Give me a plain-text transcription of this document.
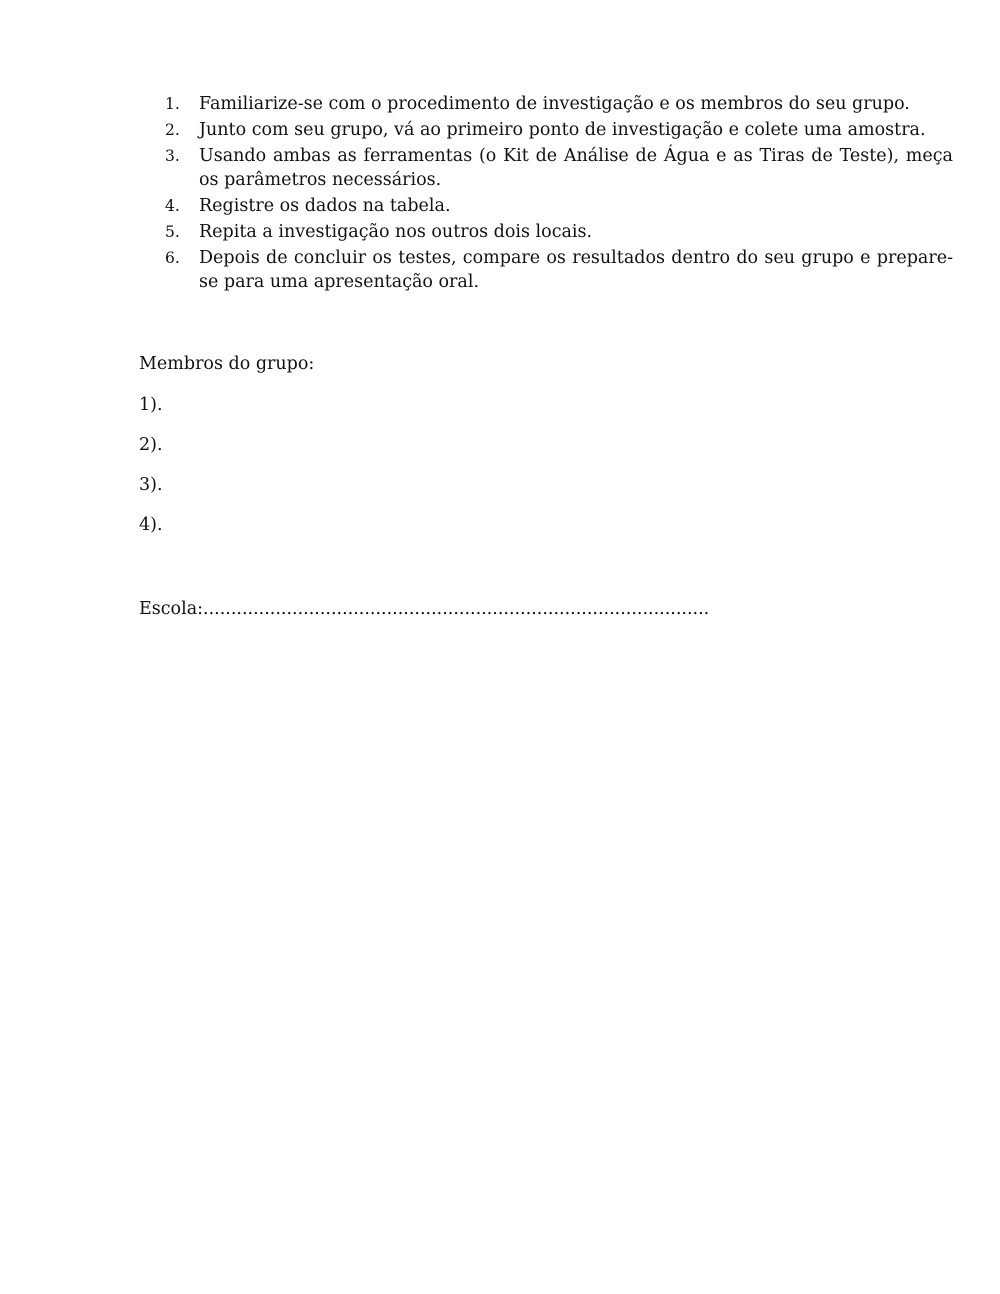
1.	Familiarize-se com o procedimento de investigação e os membros do seu grupo.
2.	Junto com seu grupo, vá ao primeiro ponto de investigação e colete uma amostra.
3.	Usando ambas as ferramentas (o Kit de Análise de Água e as Tiras de Teste), meça os parâmetros necessários.
4.	Registre os dados na tabela.
5.	Repita a investigação nos outros dois locais.
6.	Depois de concluir os testes, compare os resultados dentro do seu grupo e prepare-se para uma apresentação oral.

Membros do grupo:

1).
2).
3).
4).
Escola:...........................................................................................
